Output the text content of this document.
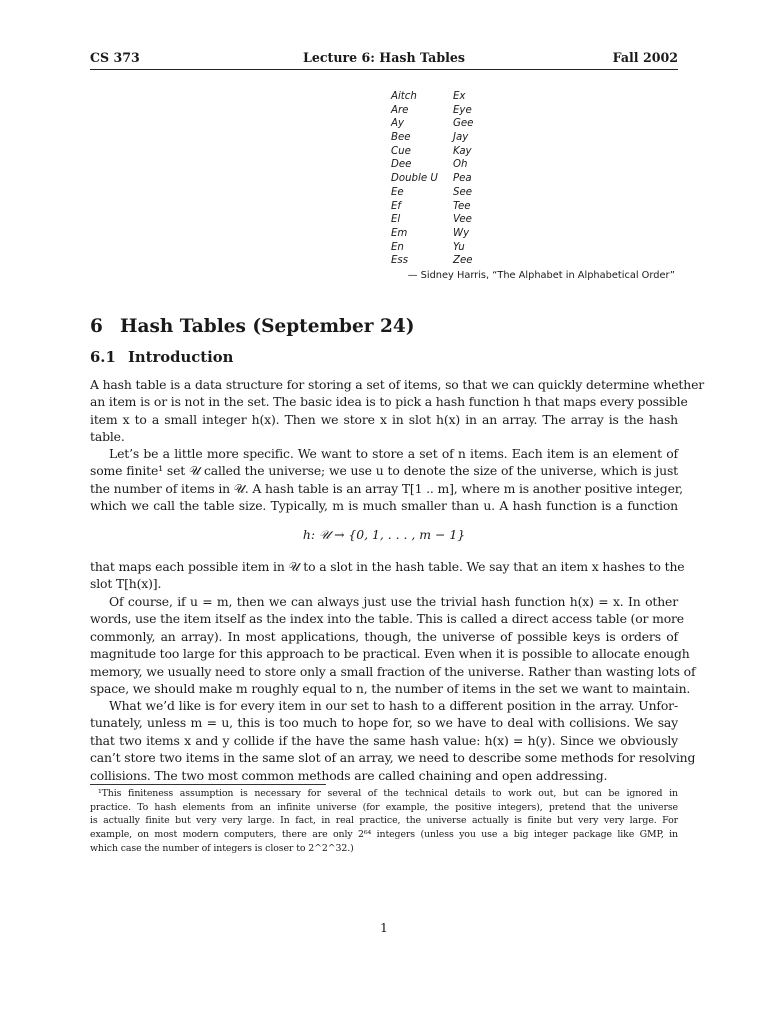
CS 373	Lecture 6: Hash Tables	Fall 2002
Aitch
Are
Ay
Bee
Cue
Dee
Double U
Ee
Ef
El
Em
En
Ess
Ex
Eye
Gee
Jay
Kay
Oh
Pea
See
Tee
Vee
Wy
Yu
Zee
— Sidney Harris, “The Alphabet in Alphabetical Order”
6 Hash Tables (September 24)
6.1 Introduction
A hash table is a data structure for storing a set of items, so that we can quickly determine whether
an item is or is not in the set. The basic idea is to pick a hash function h that maps every possible
item x to a small integer h(x). Then we store x in slot h(x) in an array. The array is the hash
table.
Let’s be a little more specific. We want to store a set of n items. Each item is an element of
some finite¹ set 𝒰 called the universe; we use u to denote the size of the universe, which is just
the number of items in 𝒰. A hash table is an array T[1 .. m], where m is another positive integer,
which we call the table size. Typically, m is much smaller than u. A hash function is a function
h: 𝒰 → {0, 1, . . . , m − 1}
that maps each possible item in 𝒰 to a slot in the hash table. We say that an item x hashes to the
slot T[h(x)].
Of course, if u = m, then we can always just use the trivial hash function h(x) = x. In other
words, use the item itself as the index into the table. This is called a direct access table (or more
commonly, an array). In most applications, though, the universe of possible keys is orders of
magnitude too large for this approach to be practical. Even when it is possible to allocate enough
memory, we usually need to store only a small fraction of the universe. Rather than wasting lots of
space, we should make m roughly equal to n, the number of items in the set we want to maintain.
What we’d like is for every item in our set to hash to a different position in the array. Unfor-
tunately, unless m = u, this is too much to hope for, so we have to deal with collisions. We say
that two items x and y collide if the have the same hash value: h(x) = h(y). Since we obviously
can’t store two items in the same slot of an array, we need to describe some methods for resolving
collisions. The two most common methods are called chaining and open addressing.
¹This finiteness assumption is necessary for several of the technical details to work out, but can be ignored in
practice. To hash elements from an infinite universe (for example, the positive integers), pretend that the universe
is actually finite but very very large. In fact, in real practice, the universe actually is finite but very very large. For
example, on most modern computers, there are only 2⁶⁴ integers (unless you use a big integer package like GMP, in
which case the number of integers is closer to 2^2^32.)
1
